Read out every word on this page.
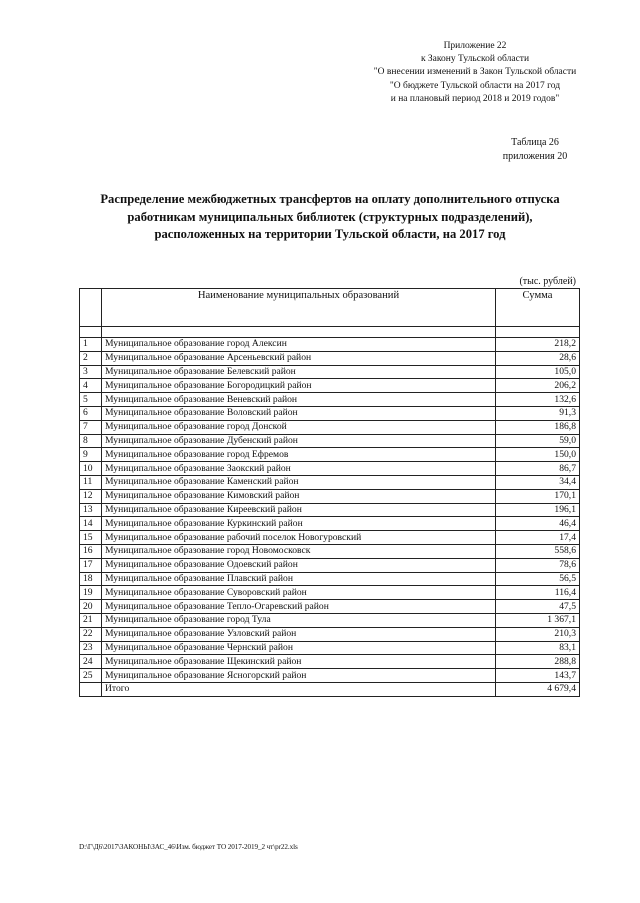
Приложение 22
к Закону Тульской области
"О внесении изменений в Закон Тульской области
"О бюджете Тульской области на 2017 год
и на плановый период 2018 и 2019 годов"
Таблица 26
приложения 20
Распределение межбюджетных трансфертов на оплату дополнительного отпуска
работникам муниципальных библиотек (структурных подразделений),
расположенных на территории Тульской области, на 2017 год
(тыс. рублей)
	Наименование муниципальных образований	Сумма

1	Муниципальное образование город Алексин	218,2
2	Муниципальное образование Арсеньевский район	28,6
3	Муниципальное образование Белевский район	105,0
4	Муниципальное образование Богородицкий район	206,2
5	Муниципальное образование Веневский район	132,6
6	Муниципальное образование Воловский район	91,3
7	Муниципальное образование город Донской	186,8
8	Муниципальное образование Дубенский район	59,0
9	Муниципальное образование город Ефремов	150,0
10	Муниципальное образование Заокский район	86,7
11	Муниципальное образование Каменский район	34,4
12	Муниципальное образование Кимовский район	170,1
13	Муниципальное образование Киреевский район	196,1
14	Муниципальное образование Куркинский район	46,4
15	Муниципальное образование рабочий поселок Новогуровский	17,4
16	Муниципальное образование город Новомосковск	558,6
17	Муниципальное образование Одоевский район	78,6
18	Муниципальное образование Плавский район	56,5
19	Муниципальное образование Суворовский район	116,4
20	Муниципальное образование Тепло-Огаревский район	47,5
21	Муниципальное образование город Тула	1 367,1
22	Муниципальное образование Узловский район	210,3
23	Муниципальное образование Чернский район	83,1
24	Муниципальное образование Щекинский район	288,8
25	Муниципальное образование Ясногорский район	143,7
	Итого	4 679,4
D:\Г\Д6\2017\ЗАКОНЫ\ЗАС_46\Изм. бюджет ТО 2017-2019_2 чт\pr22.xls
